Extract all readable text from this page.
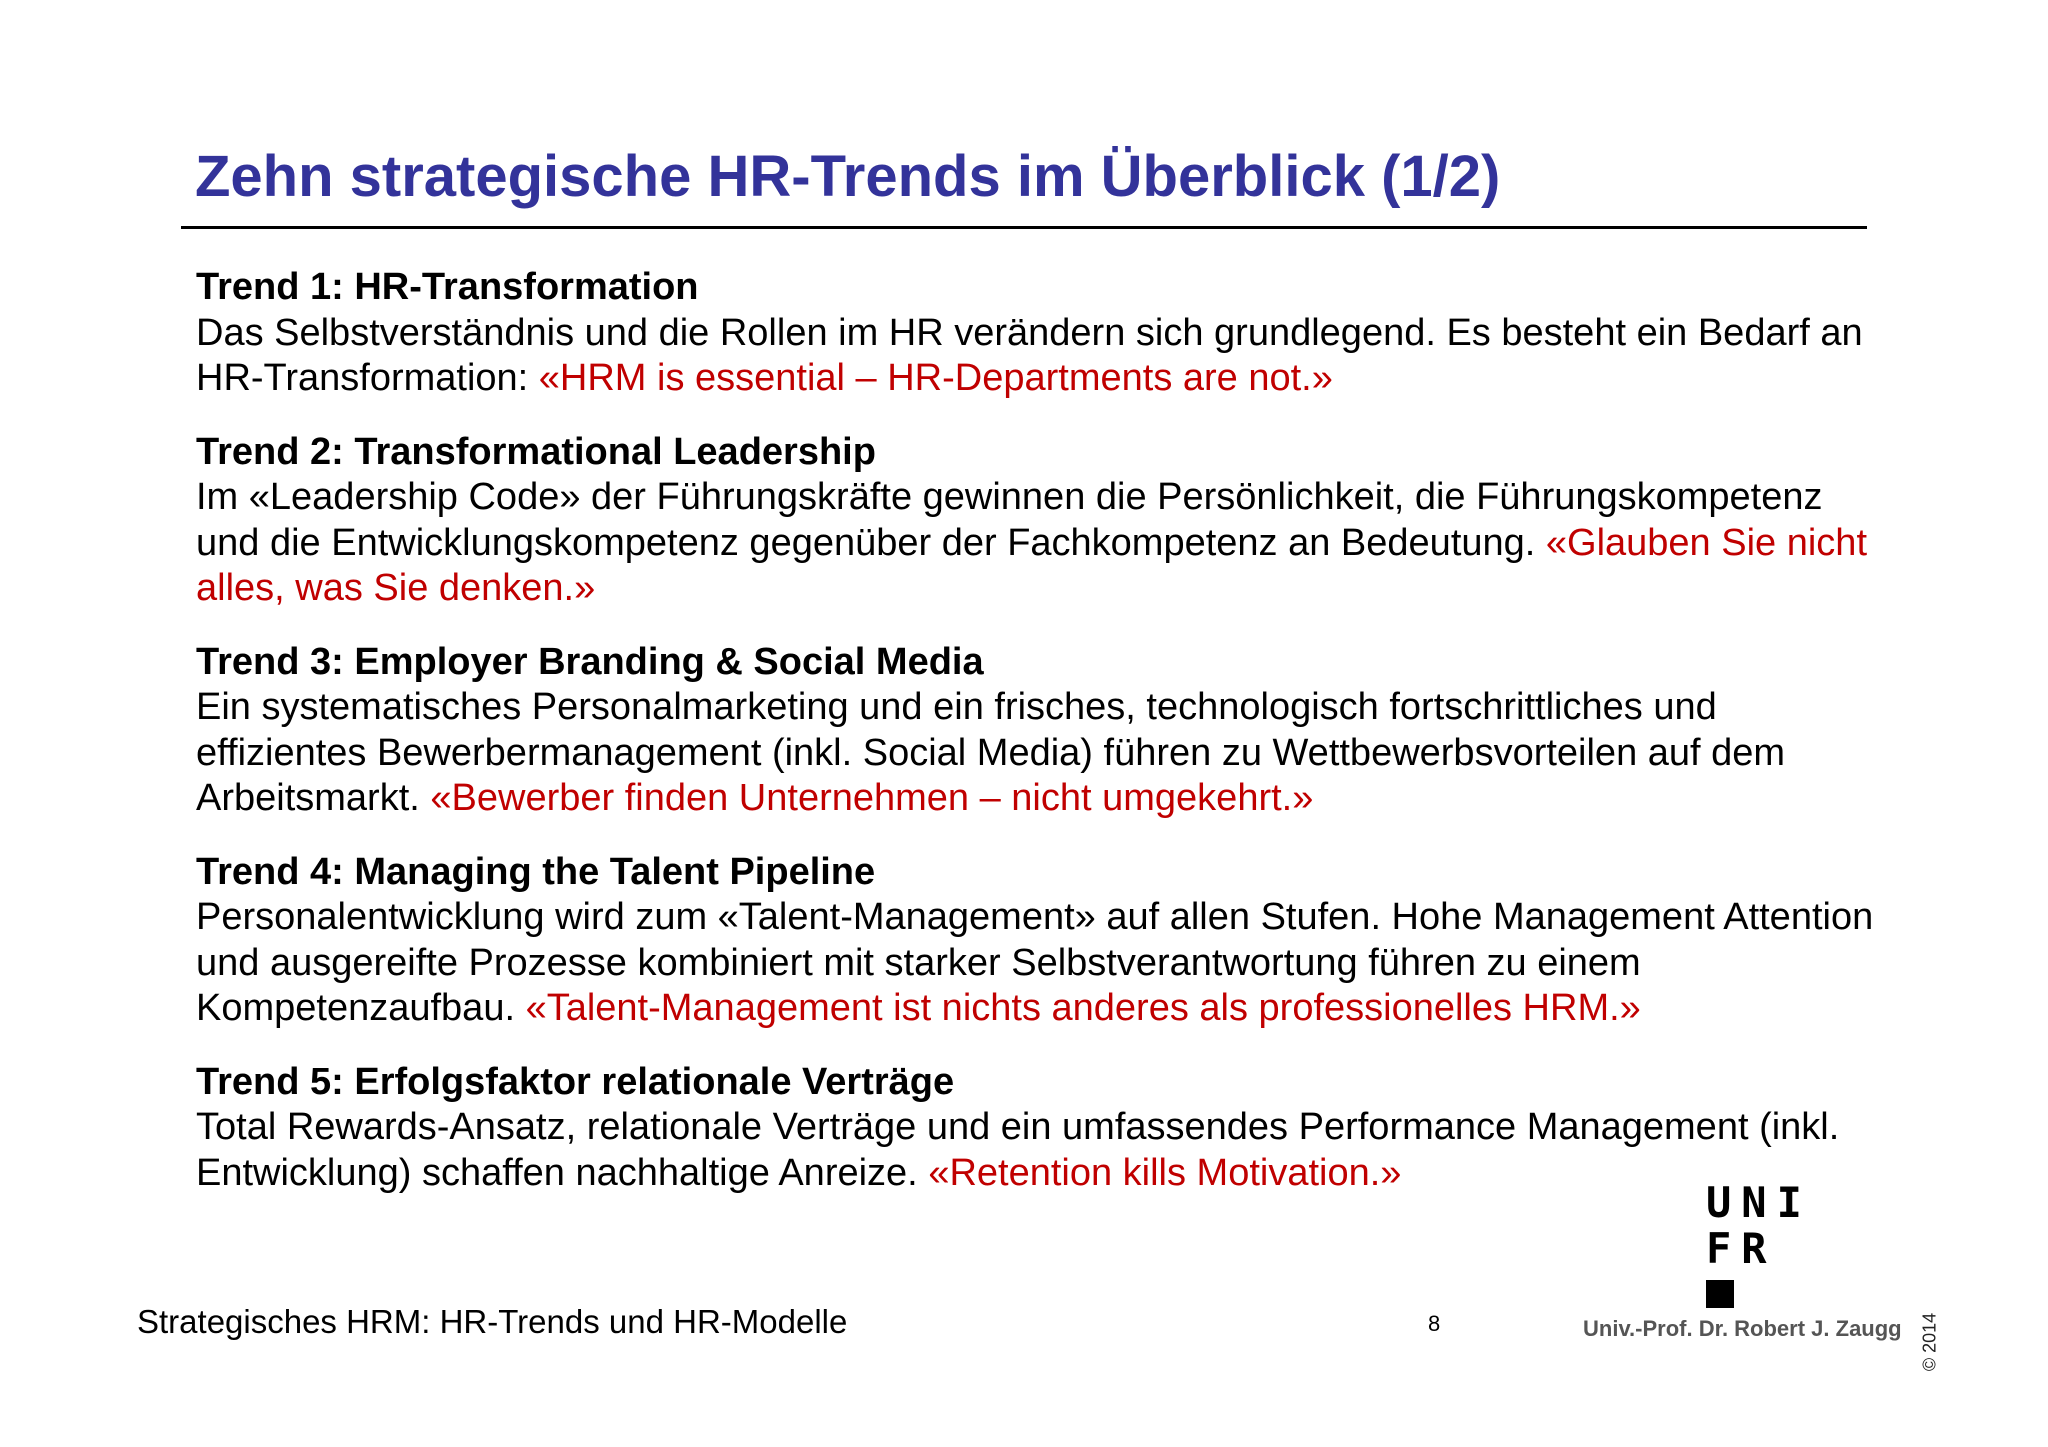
Zehn strategische HR-Trends im Überblick (1/2)

Trend 1: HR-Transformation
Das Selbstverständnis und die Rollen im HR verändern sich grundlegend. Es besteht ein Bedarf an HR-Transformation: «HRM is essential – HR-Departments are not.»

Trend 2: Transformational Leadership
Im «Leadership Code» der Führungskräfte gewinnen die Persönlichkeit, die Führungskompetenz und die Entwicklungskompetenz gegenüber der Fachkompetenz an Bedeutung. «Glauben Sie nicht alles, was Sie denken.»

Trend 3: Employer Branding & Social Media
Ein systematisches Personalmarketing und ein frisches, technologisch fortschrittliches und effizientes Bewerbermanagement (inkl. Social Media) führen zu Wettbewerbsvorteilen auf dem Arbeitsmarkt. «Bewerber finden Unternehmen – nicht umgekehrt.»

Trend 4: Managing the Talent Pipeline
Personalentwicklung wird zum «Talent-Management» auf allen Stufen. Hohe Management Attention und ausgereifte Prozesse kombiniert mit starker Selbstverantwortung führen zu einem Kompetenzaufbau. «Talent-Management ist nichts anderes als professionelles HRM.»

Trend 5: Erfolgsfaktor relationale Verträge
Total Rewards-Ansatz, relationale Verträge und ein umfassendes Performance Management (inkl. Entwicklung) schaffen nachhaltige Anreize. «Retention kills Motivation.»

UNI
FR
Strategisches HRM: HR-Trends und HR-Modelle	8	Univ.-Prof. Dr. Robert J. Zaugg © 2014
